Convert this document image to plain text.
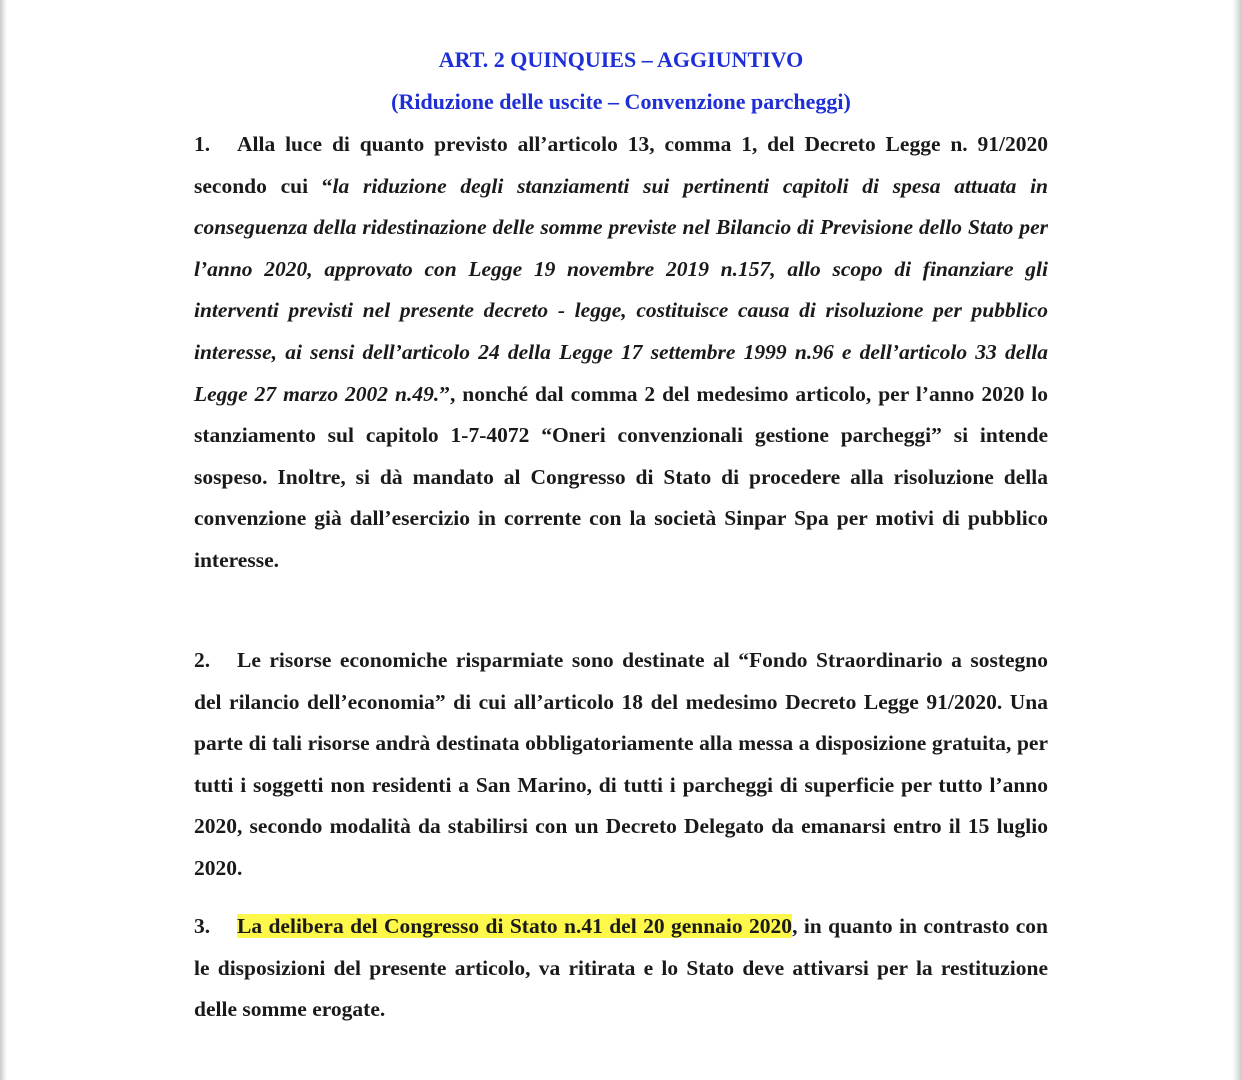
ART. 2 QUINQUIES – AGGIUNTIVO
(Riduzione delle uscite – Convenzione parcheggi)

1. Alla luce di quanto previsto all’articolo 13, comma 1, del Decreto Legge n. 91/2020 secondo cui “la riduzione degli stanziamenti sui pertinenti capitoli di spesa attuata in conseguenza della ridestinazione delle somme previste nel Bilancio di Previsione dello Stato per l’anno 2020, approvato con Legge 19 novembre 2019 n.157, allo scopo di finanziare gli interventi previsti nel presente decreto - legge, costituisce causa di risoluzione per pubblico interesse, ai sensi dell’articolo 24 della Legge 17 settembre 1999 n.96 e dell’articolo 33 della Legge 27 marzo 2002 n.49.”, nonché dal comma 2 del medesimo articolo, per l’anno 2020 lo stanziamento sul capitolo 1-7-4072 “Oneri convenzionali gestione parcheggi” si intende sospeso. Inoltre, si dà mandato al Congresso di Stato di procedere alla risoluzione della convenzione già dall’esercizio in corrente con la società Sinpar Spa per motivi di pubblico interesse.

2. Le risorse economiche risparmiate sono destinate al “Fondo Straordinario a sostegno del rilancio dell’economia” di cui all’articolo 18 del medesimo Decreto Legge 91/2020. Una parte di tali risorse andrà destinata obbligatoriamente alla messa a disposizione gratuita, per tutti i soggetti non residenti a San Marino, di tutti i parcheggi di superficie per tutto l’anno 2020, secondo modalità da stabilirsi con un Decreto Delegato da emanarsi entro il 15 luglio 2020.

3. La delibera del Congresso di Stato n.41 del 20 gennaio 2020, in quanto in contrasto con le disposizioni del presente articolo, va ritirata e lo Stato deve attivarsi per la restituzione delle somme erogate.
